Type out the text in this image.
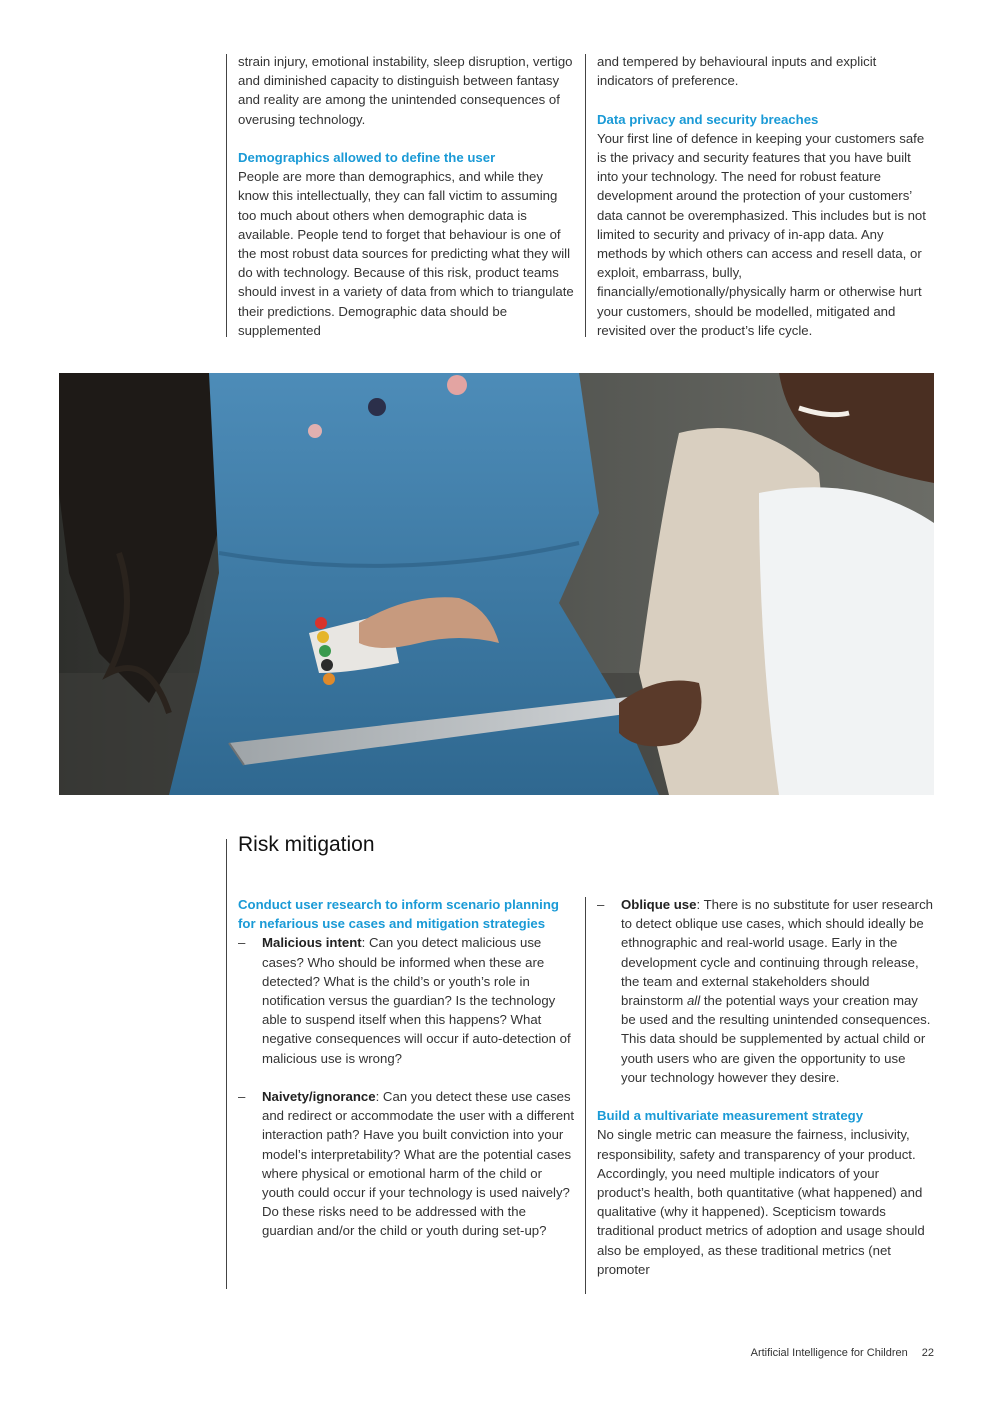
strain injury, emotional instability, sleep disruption, vertigo and diminished capacity to distinguish between fantasy and reality are among the unintended consequences of overusing technology.

Demographics allowed to define the user

People are more than demographics, and while they know this intellectually, they can fall victim to assuming too much about others when demographic data is available. People tend to forget that behaviour is one of the most robust data sources for predicting what they will do with technology. Because of this risk, product teams should invest in a variety of data from which to triangulate their predictions. Demographic data should be supplemented

and tempered by behavioural inputs and explicit indicators of preference.

Data privacy and security breaches

Your first line of defence in keeping your customers safe is the privacy and security features that you have built into your technology. The need for robust feature development around the protection of your customers’ data cannot be overemphasized. This includes but is not limited to security and privacy of in-app data. Any methods by which others can access and resell data, or exploit, embarrass, bully, financially/emotionally/physically harm or otherwise hurt your customers, should be modelled, mitigated and revisited over the product’s life cycle.

Risk mitigation

Conduct user research to inform scenario planning for nefarious use cases and mitigation strategies

– Malicious intent: Can you detect malicious use cases? Who should be informed when these are detected? What is the child’s or youth’s role in notification versus the guardian? Is the technology able to suspend itself when this happens? What negative consequences will occur if auto-detection of malicious use is wrong?
– Naivety/ignorance: Can you detect these use cases and redirect or accommodate the user with a different interaction path? Have you built conviction into your model’s interpretability? What are the potential cases where physical or emotional harm of the child or youth could occur if your technology is used naively? Do these risks need to be addressed with the guardian and/or the child or youth during set-up?
– Oblique use: There is no substitute for user research to detect oblique use cases, which should ideally be ethnographic and real-world usage. Early in the development cycle and continuing through release, the team and external stakeholders should brainstorm all the potential ways your creation may be used and the resulting unintended consequences. This data should be supplemented by actual child or youth users who are given the opportunity to use your technology however they desire.

Build a multivariate measurement strategy

No single metric can measure the fairness, inclusivity, responsibility, safety and transparency of your product. Accordingly, you need multiple indicators of your product’s health, both quantitative (what happened) and qualitative (why it happened). Scepticism towards traditional product metrics of adoption and usage should also be employed, as these traditional metrics (net promoter

Artificial Intelligence for Children 22
